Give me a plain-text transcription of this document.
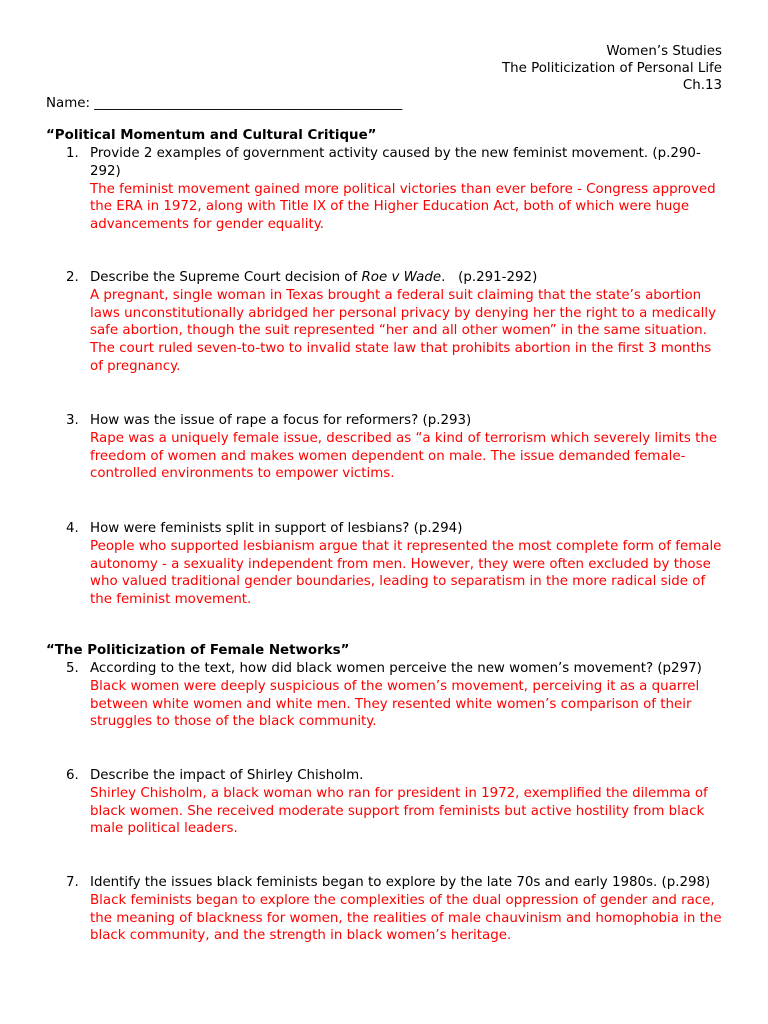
Women’s Studies
The Politicization of Personal Life
Ch.13
Name: ______________________________________________
“Political Momentum and Cultural Critique”
1. Provide 2 examples of government activity caused by the new feminist movement. (p.290-292)
The feminist movement gained more political victories than ever before - Congress approved the ERA in 1972, along with Title IX of the Higher Education Act, both of which were huge advancements for gender equality.
2. Describe the Supreme Court decision of Roe v Wade.   (p.291-292)
A pregnant, single woman in Texas brought a federal suit claiming that the state’s abortion laws unconstitutionally abridged her personal privacy by denying her the right to a medically safe abortion, though the suit represented “her and all other women” in the same situation. The court ruled seven-to-two to invalid state law that prohibits abortion in the first 3 months of pregnancy.
3. How was the issue of rape a focus for reformers? (p.293)
Rape was a uniquely female issue, described as “a kind of terrorism which severely limits the freedom of women and makes women dependent on male. The issue demanded female-controlled environments to empower victims.
4. How were feminists split in support of lesbians? (p.294)
People who supported lesbianism argue that it represented the most complete form of female autonomy - a sexuality independent from men. However, they were often excluded by those who valued traditional gender boundaries, leading to separatism in the more radical side of the feminist movement.
“The Politicization of Female Networks”
5. According to the text, how did black women perceive the new women’s movement? (p297)
Black women were deeply suspicious of the women’s movement, perceiving it as a quarrel between white women and white men. They resented white women’s comparison of their struggles to those of the black community.
6. Describe the impact of Shirley Chisholm.
Shirley Chisholm, a black woman who ran for president in 1972, exemplified the dilemma of black women. She received moderate support from feminists but active hostility from black male political leaders.
7. Identify the issues black feminists began to explore by the late 70s and early 1980s. (p.298)
Black feminists began to explore the complexities of the dual oppression of gender and race, the meaning of blackness for women, the realities of male chauvinism and homophobia in the black community, and the strength in black women’s heritage.
